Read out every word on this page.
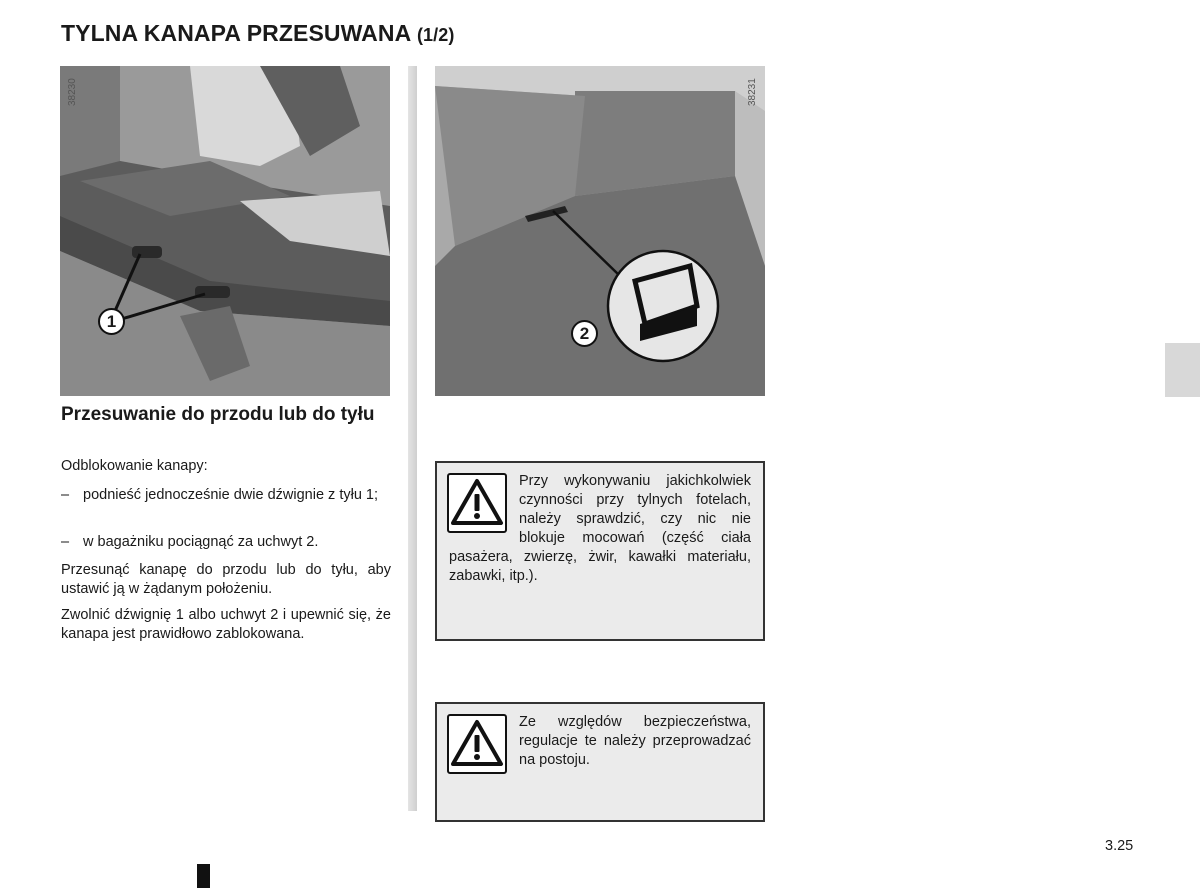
TYLNA KANAPA PRZESUWANA (1/2)
38230
1
38231
2
Przesuwanie do przodu lub do tyłu
Odblokowanie kanapy:
– podnieść jednocześnie dwie dźwignie z tyłu 1;
– w bagażniku pociągnąć za uchwyt 2.
Przesunąć kanapę do przodu lub do tyłu, aby ustawić ją w żądanym położeniu.
Zwolnić dźwignię 1 albo uchwyt 2 i upewnić się, że kanapa jest prawidłowo zablokowana.
Przy wykonywaniu jakichkolwiek czynności przy tylnych fotelach, należy sprawdzić, czy nic nie blokuje mocowań (część ciała pasażera, zwierzę, żwir, kawałki materiału, zabawki, itp.).
Ze względów bezpieczeństwa, regulacje te należy przeprowadzać na postoju.
3.25
